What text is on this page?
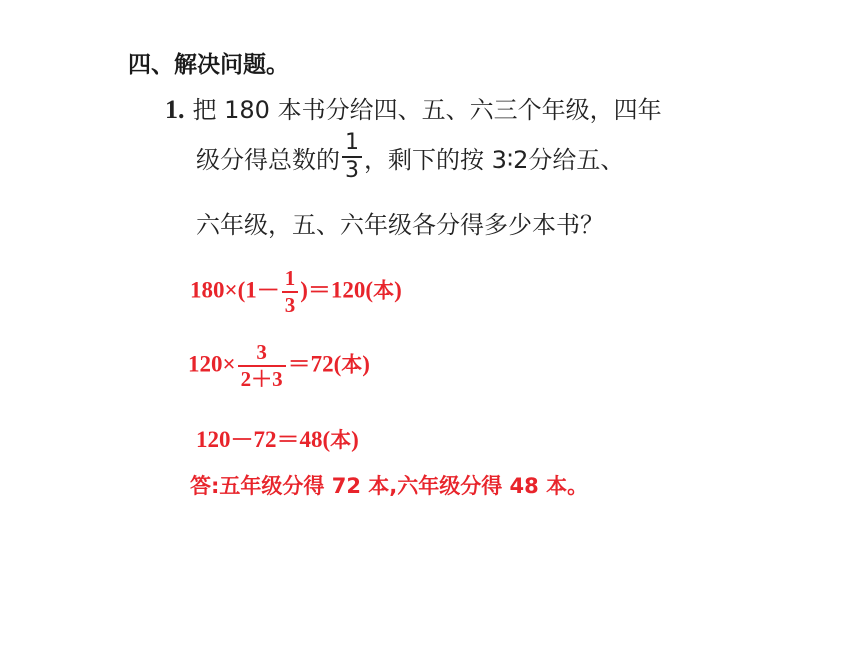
四、解决问题。
1. 把 180 本书分给四、五、六三个年级，四年
级分得总数的 $\frac{1}{3}$ ，剩下的按 3∶2分给五、
六年级，五、六年级各分得多少本书？
$180\times(1- \frac{1}{3} )=120$(本)
$120\times \frac{3}{2+3} =72$(本)
120－72＝48(本)
答:五年级分得 72 本,六年级分得 48 本。
